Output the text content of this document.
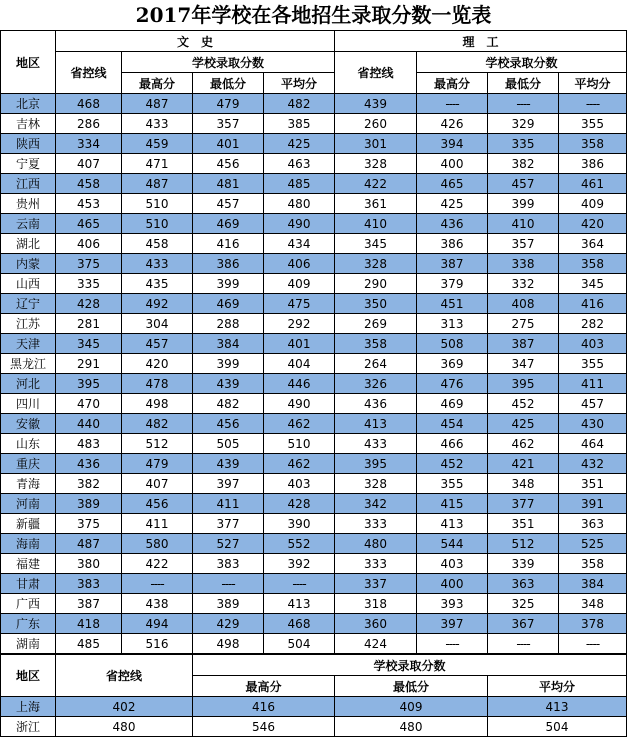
2017年学校在各地招生录取分数一览表
地区	文　史				理　工			
	省控线	学校录取分数			省控线	学校录取分数		
		最高分	最低分	平均分		最高分	最低分	平均分
北京	468	487	479	482	439	----	----	----
吉林	286	433	357	385	260	426	329	355
陕西	334	459	401	425	301	394	335	358
宁夏	407	471	456	463	328	400	382	386
江西	458	487	481	485	422	465	457	461
贵州	453	510	457	480	361	425	399	409
云南	465	510	469	490	410	436	410	420
湖北	406	458	416	434	345	386	357	364
内蒙	375	433	386	406	328	387	338	358
山西	335	435	399	409	290	379	332	345
辽宁	428	492	469	475	350	451	408	416
江苏	281	304	288	292	269	313	275	282
天津	345	457	384	401	358	508	387	403
黑龙江	291	420	399	404	264	369	347	355
河北	395	478	439	446	326	476	395	411
四川	470	498	482	490	436	469	452	457
安徽	440	482	456	462	413	454	425	430
山东	483	512	505	510	433	466	462	464
重庆	436	479	439	462	395	452	421	432
青海	382	407	397	403	328	355	348	351
河南	389	456	411	428	342	415	377	391
新疆	375	411	377	390	333	413	351	363
海南	487	580	527	552	480	544	512	525
福建	380	422	383	392	333	403	339	358
甘肃	383	----	----	----	337	400	363	384
广西	387	438	389	413	318	393	325	348
广东	418	494	429	468	360	397	367	378
湖南	485	516	498	504	424	----	----	----
地区	省控线	学校录取分数		
		最高分	最低分	平均分
上海	402	416	409	413
浙江	480	546	480	504
